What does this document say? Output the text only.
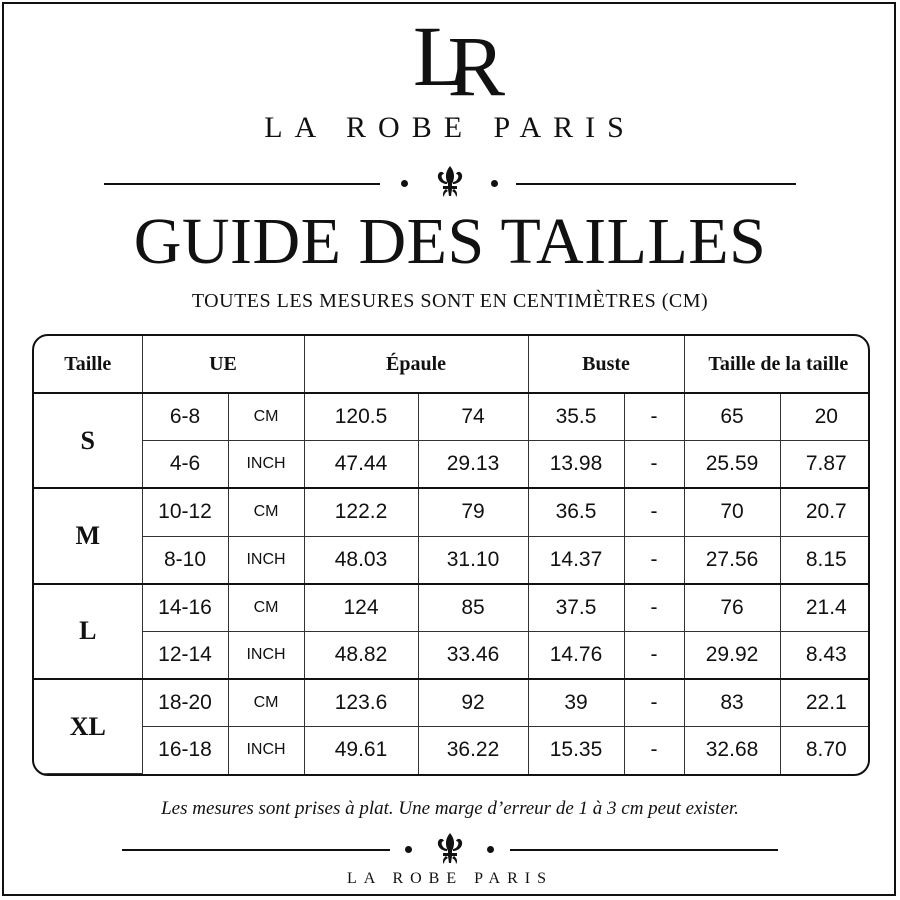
LR
LA ROBE PARIS
GUIDE DES TAILLES
TOUTES LES MESURES SONT EN CENTIMÈTRES (CM)
Taille	UE		Épaule		Buste		Taille de la taille	
S	6-8	CM	120.5	74	35.5	-	65	20
	4-6	INCH	47.44	29.13	13.98	-	25.59	7.87
M	10-12	CM	122.2	79	36.5	-	70	20.7
	8-10	INCH	48.03	31.10	14.37	-	27.56	8.15
L	14-16	CM	124	85	37.5	-	76	21.4
	12-14	INCH	48.82	33.46	14.76	-	29.92	8.43
XL	18-20	CM	123.6	92	39	-	83	22.1
	16-18	INCH	49.61	36.22	15.35	-	32.68	8.70
Les mesures sont prises à plat. Une marge d’erreur de 1 à 3 cm peut exister.
LA ROBE PARIS
